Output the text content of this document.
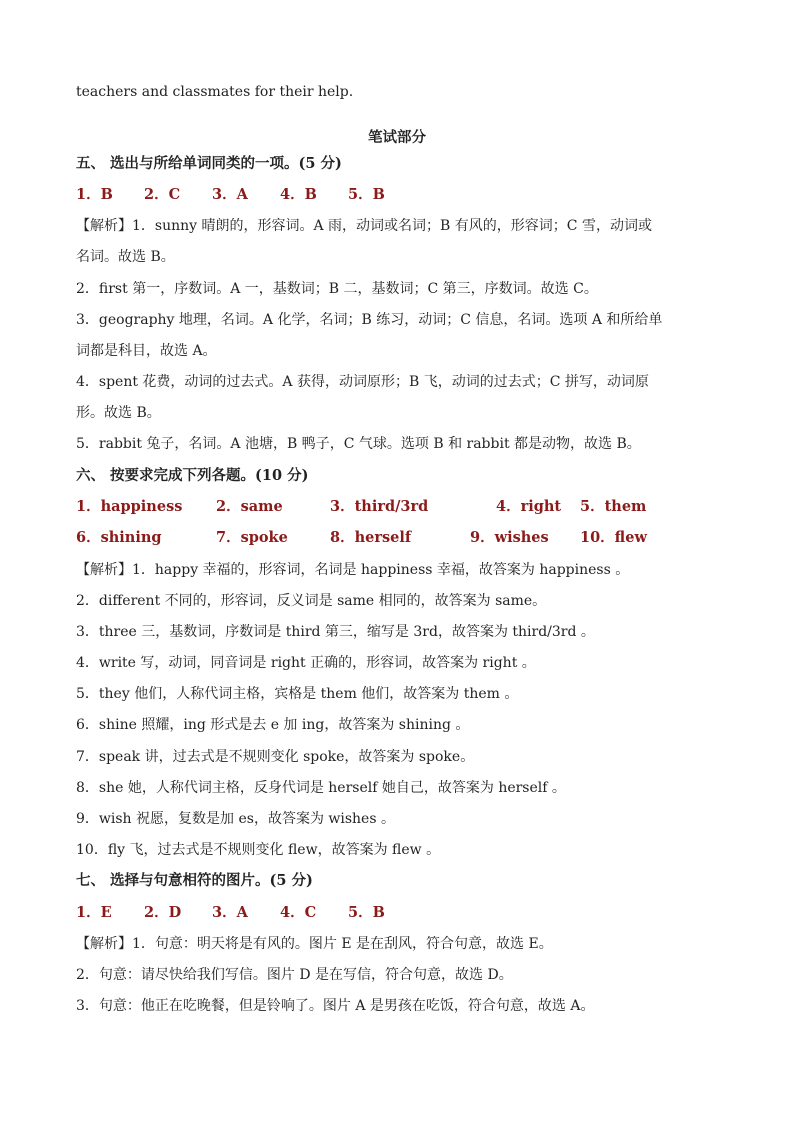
teachers and classmates for their help.
笔试部分
五、 选出与所给单词同类的一项。(5 分)
1．B 2．C 3．A 4．B 5．B
【解析】1．sunny 晴朗的，形容词。A 雨，动词或名词；B 有风的，形容词；C 雪，动词或
名词。故选 B。
2．first 第一，序数词。A 一，基数词；B 二，基数词；C 第三，序数词。故选 C。
3．geography 地理，名词。A 化学，名词；B 练习，动词；C 信息，名词。选项 A 和所给单
词都是科目，故选 A。
4．spent 花费，动词的过去式。A 获得，动词原形；B 飞，动词的过去式；C 拼写，动词原
形。故选 B。
5．rabbit 兔子，名词。A 池塘，B 鸭子，C 气球。选项 B 和 rabbit 都是动物，故选 B。
六、 按要求完成下列各题。(10 分)
1．happiness 2．same	3．third/3rd	4．right 5．them
6．shining	7．spoke	8．herself	9．wishes 10．flew
【解析】1．happy 幸福的，形容词，名词是 happiness 幸福，故答案为 happiness 。
2．different 不同的，形容词，反义词是 same 相同的，故答案为 same。
3．three 三，基数词，序数词是 third 第三，缩写是 3rd，故答案为 third/3rd 。
4．write 写，动词，同音词是 right 正确的，形容词，故答案为 right 。
5．they 他们，人称代词主格，宾格是 them 他们，故答案为 them 。
6．shine 照耀，ing 形式是去 e 加 ing，故答案为 shining 。
7．speak 讲，过去式是不规则变化 spoke，故答案为 spoke。
8．she 她，人称代词主格，反身代词是 herself 她自己，故答案为 herself 。
9．wish 祝愿，复数是加 es，故答案为 wishes 。
10．fly 飞，过去式是不规则变化 flew，故答案为 flew 。
七、 选择与句意相符的图片。(5 分)
1．E 2．D 3．A 4．C 5．B
【解析】1．句意：明天将是有风的。图片 E 是在刮风，符合句意，故选 E。
2．句意：请尽快给我们写信。图片 D 是在写信，符合句意，故选 D。
3．句意：他正在吃晚餐，但是铃响了。图片 A 是男孩在吃饭，符合句意，故选 A。
